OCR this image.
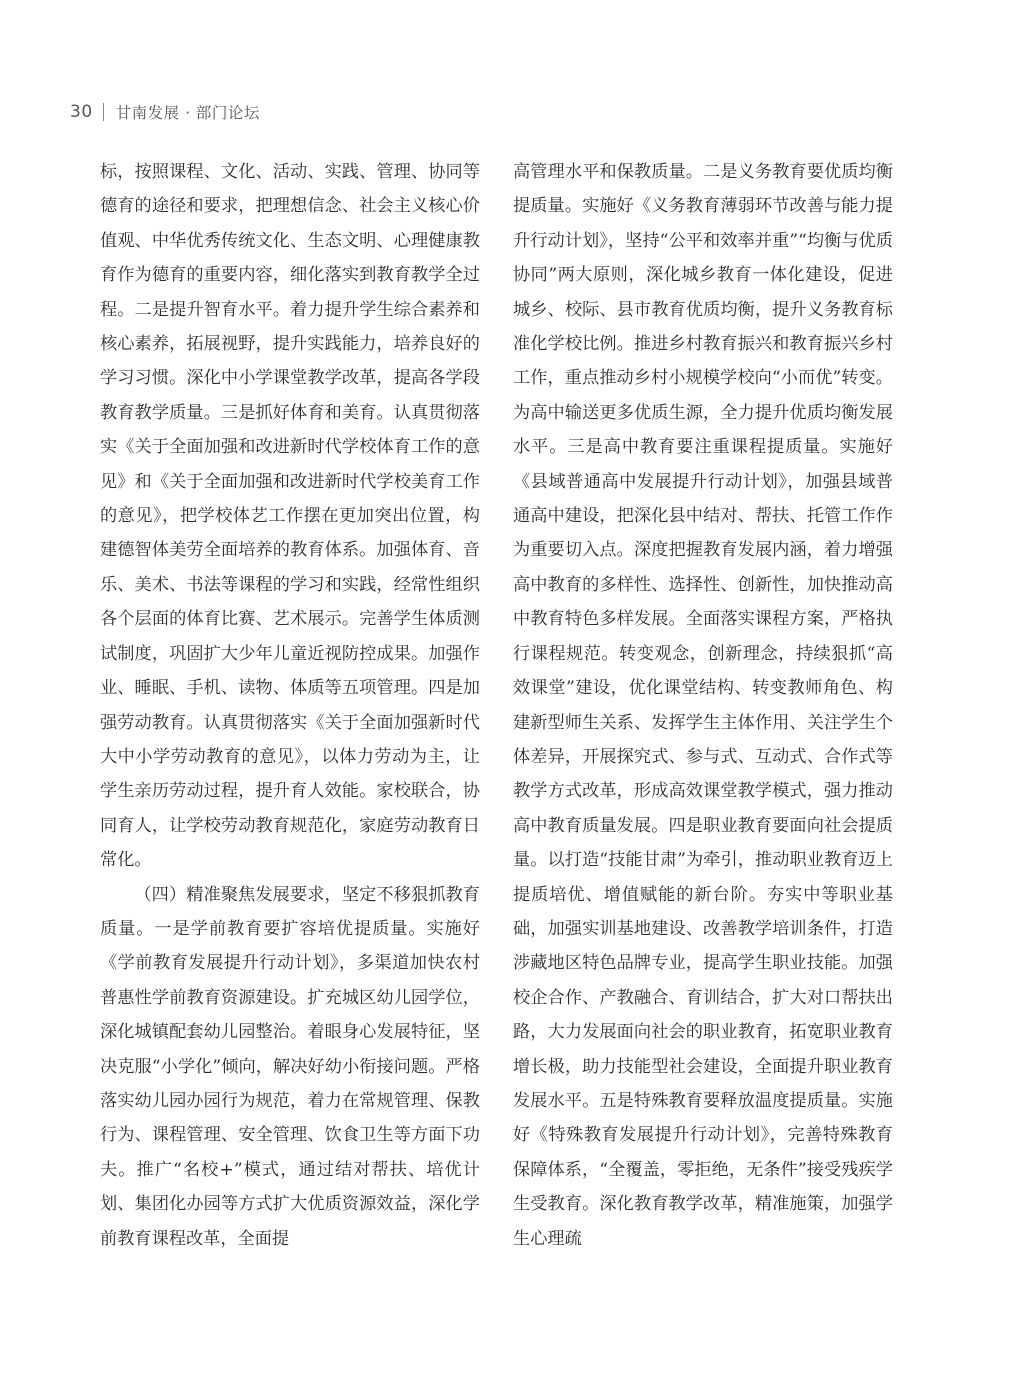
30 甘南发展 · 部门论坛

标，按照课程、文化、活动、实践、管理、协同等德育的途径和要求，把理想信念、社会主义核心价值观、中华优秀传统文化、生态文明、心理健康教育作为德育的重要内容，细化落实到教育教学全过程。二是提升智育水平。着力提升学生综合素养和核心素养，拓展视野，提升实践能力，培养良好的学习习惯。深化中小学课堂教学改革，提高各学段教育教学质量。三是抓好体育和美育。认真贯彻落实《关于全面加强和改进新时代学校体育工作的意见》和《关于全面加强和改进新时代学校美育工作的意见》，把学校体艺工作摆在更加突出位置，构建德智体美劳全面培养的教育体系。加强体育、音乐、美术、书法等课程的学习和实践，经常性组织各个层面的体育比赛、艺术展示。完善学生体质测试制度，巩固扩大少年儿童近视防控成果。加强作业、睡眠、手机、读物、体质等五项管理。四是加强劳动教育。认真贯彻落实《关于全面加强新时代大中小学劳动教育的意见》，以体力劳动为主，让学生亲历劳动过程，提升育人效能。家校联合，协同育人，让学校劳动教育规范化，家庭劳动教育日常化。

（四）精准聚焦发展要求，坚定不移狠抓教育质量。一是学前教育要扩容培优提质量。实施好《学前教育发展提升行动计划》，多渠道加快农村普惠性学前教育资源建设。扩充城区幼儿园学位，深化城镇配套幼儿园整治。着眼身心发展特征，坚决克服“小学化”倾向，解决好幼小衔接问题。严格落实幼儿园办园行为规范，着力在常规管理、保教行为、课程管理、安全管理、饮食卫生等方面下功夫。推广“名校+”模式，通过结对帮扶、培优计划、集团化办园等方式扩大优质资源效益，深化学前教育课程改革，全面提

高管理水平和保教质量。二是义务教育要优质均衡提质量。实施好《义务教育薄弱环节改善与能力提升行动计划》，坚持“公平和效率并重”“均衡与优质协同”两大原则，深化城乡教育一体化建设，促进城乡、校际、县市教育优质均衡，提升义务教育标准化学校比例。推进乡村教育振兴和教育振兴乡村工作，重点推动乡村小规模学校向“小而优”转变。为高中输送更多优质生源，全力提升优质均衡发展水平。三是高中教育要注重课程提质量。实施好《县域普通高中发展提升行动计划》，加强县域普通高中建设，把深化县中结对、帮扶、托管工作作为重要切入点。深度把握教育发展内涵，着力增强高中教育的多样性、选择性、创新性，加快推动高中教育特色多样发展。全面落实课程方案，严格执行课程规范。转变观念，创新理念，持续狠抓“高效课堂”建设，优化课堂结构、转变教师角色、构建新型师生关系、发挥学生主体作用、关注学生个体差异，开展探究式、参与式、互动式、合作式等教学方式改革，形成高效课堂教学模式，强力推动高中教育质量发展。四是职业教育要面向社会提质量。以打造“技能甘肃”为牵引，推动职业教育迈上提质培优、增值赋能的新台阶。夯实中等职业基础，加强实训基地建设、改善教学培训条件，打造涉藏地区特色品牌专业，提高学生职业技能。加强校企合作、产教融合、育训结合，扩大对口帮扶出路，大力发展面向社会的职业教育，拓宽职业教育增长极，助力技能型社会建设，全面提升职业教育发展水平。五是特殊教育要释放温度提质量。实施好《特殊教育发展提升行动计划》，完善特殊教育保障体系，“全覆盖，零拒绝，无条件”接受残疾学生受教育。深化教育教学改革，精准施策，加强学生心理疏
